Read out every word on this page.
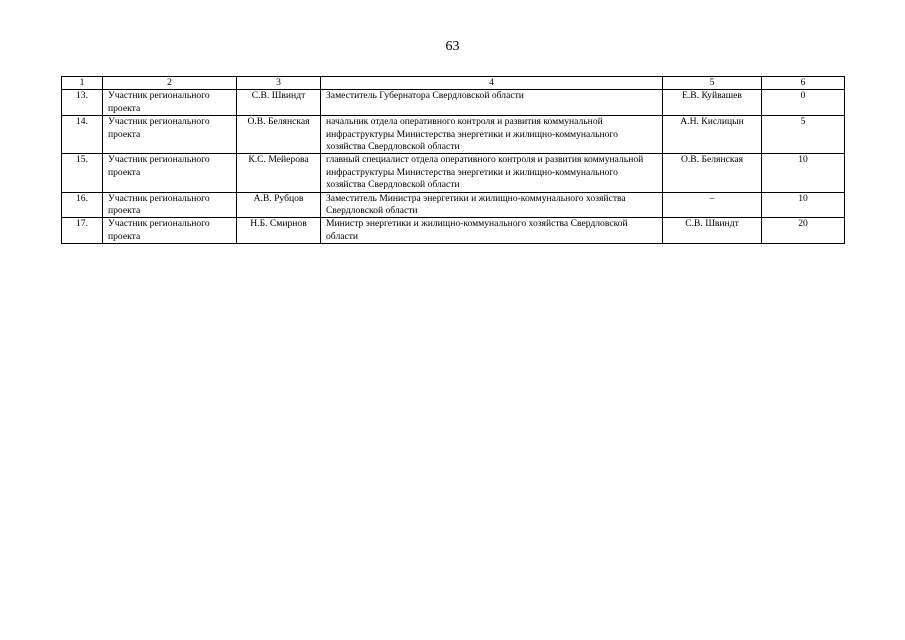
63
1	2	3	4	5	6
13.	Участник регионального проекта	С.В. Швиндт	Заместитель Губернатора Свердловской области	Е.В. Куйвашев	0
14.	Участник регионального проекта	О.В. Белянская	начальник отдела оперативного контроля и развития коммунальной инфраструктуры Министерства энергетики и жилищно-коммунального хозяйства Свердловской области	А.Н. Кислицын	5
15.	Участник регионального проекта	К.С. Мейерова	главный специалист отдела оперативного контроля и развития коммунальной инфраструктуры Министерства энергетики и жилищно-коммунального хозяйства Свердловской области	О.В. Белянская	10
16.	Участник регионального проекта	А.В. Рубцов	Заместитель Министра энергетики и жилищно-коммунального хозяйства Свердловской области	–	10
17.	Участник регионального проекта	Н.Б. Смирнов	Министр энергетики и жилищно-коммунального хозяйства Свердловской области	С.В. Швиндт	20
